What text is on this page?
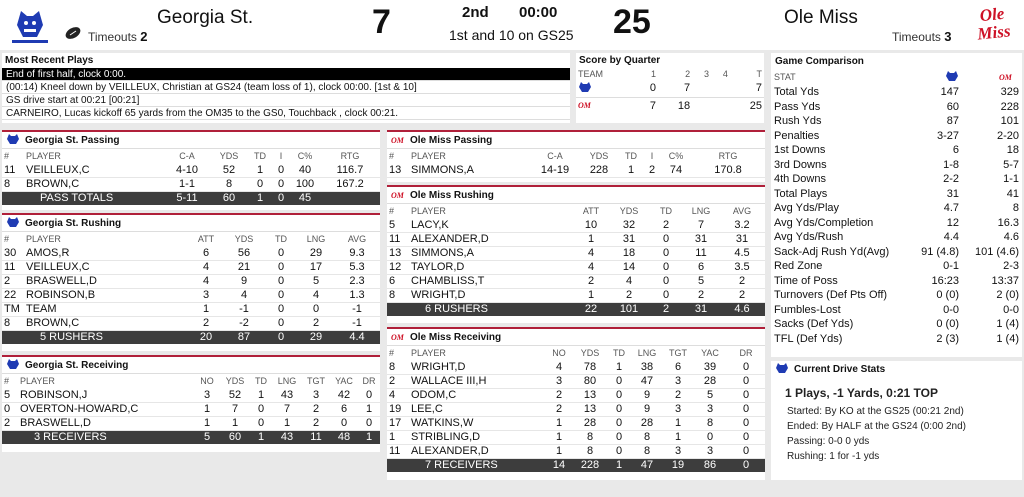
Georgia St.
Timeouts 2	7	2nd 00:00
1st and 10 on GS25 25	Ole Miss
Timeouts 3
Ole Miss
Most Recent Plays
End of first half, clock 0:00.
(00:14) Kneel down by VEILLEUX, Christian at GS24 (team loss of 1), clock 00:00. [1st & 10]
GS drive start at 00:21 [00:21]
CARNEIRO, Lucas kickoff 65 yards from the OM35 to the GS0, Touchback , clock 00:21.
Score by Quarter
TEAM	1	2	3	4	T
	0	7			7

OM	7	18			25
Georgia St. Passing
#	PLAYER	C-A	YDS	TD	I	C%	RTG
11	VEILLEUX,C	4-10	52	1	0	40	116.7
8	BROWN,C	1-1	8	0	0	100	167.2
	PASS TOTALS	5-11	60	1	0	45	
Georgia St. Rushing
#	PLAYER	ATT	YDS	TD	LNG	AVG
30	AMOS,R	6	56	0	29	9.3
11	VEILLEUX,C	4	21	0	17	5.3
2	BRASWELL,D	4	9	0	5	2.3
22	ROBINSON,B	3	4	0	4	1.3
TM	TEAM	1	-1	0	0	-1
8	BROWN,C	2	-2	0	2	-1
	5 RUSHERS	20	87	0	29	4.4
Georgia St. Receiving
#	PLAYER	NO	YDS	TD	LNG	TGT	YAC	DR
5	ROBINSON,J	3	52	1	43	3	42	0
0	OVERTON-HOWARD,C	1	7	0	7	2	6	1
2	BRASWELL,D	1	1	0	1	2	0	0
	3 RECEIVERS	5	60	1	43	11	48	1
OM Ole Miss Passing
#	PLAYER	C-A	YDS	TD	I	C%	RTG
13	SIMMONS,A	14-19	228	1	2	74	170.8
OM Ole Miss Rushing
#	PLAYER	ATT	YDS	TD	LNG	AVG
5	LACY,K	10	32	2	7	3.2
11	ALEXANDER,D	1	31	0	31	31
13	SIMMONS,A	4	18	0	11	4.5
12	TAYLOR,D	4	14	0	6	3.5
6	CHAMBLISS,T	2	4	0	5	2
8	WRIGHT,D	1	2	0	2	2
	6 RUSHERS	22	101	2	31	4.6
OM Ole Miss Receiving
#	PLAYER	NO	YDS	TD	LNG	TGT	YAC	DR
8	WRIGHT,D	4	78	1	38	6	39	0
2	WALLACE III,H	3	80	0	47	3	28	0
4	ODOM,C	2	13	0	9	2	5	0
19	LEE,C	2	13	0	9	3	3	0
17	WATKINS,W	1	28	0	28	1	8	0
1	STRIBLING,D	1	8	0	8	1	0	0
11	ALEXANDER,D	1	8	0	8	3	3	0
	7 RECEIVERS	14	228	1	47	19	86	0
Game Comparison
STAT		OM

Total Yds	147	329
Pass Yds	60	228
Rush Yds	87	101
Penalties	3-27	2-20
1st Downs	6	18
3rd Downs	1-8	5-7
4th Downs	2-2	1-1
Total Plays	31	41
Avg Yds/Play	4.7	8
Avg Yds/Completion	12	16.3
Avg Yds/Rush	4.4	4.6
Sack-Adj Rush Yd(Avg)	91 (4.8)	101 (4.6)
Red Zone	0-1	2-3
Time of Poss	16:23	13:37
Turnovers (Def Pts Off)	0 (0)	2 (0)
Fumbles-Lost	0-0	0-0
Sacks (Def Yds)	0 (0)	1 (4)
TFL (Def Yds)	2 (3)	1 (4)
Current Drive Stats

1 Plays, -1 Yards, 0:21 TOP

Started: By KO at the GS25 (00:21 2nd)

Ended: By HALF at the GS24 (0:00 2nd)

Passing: 0-0 0 yds

Rushing: 1 for -1 yds
